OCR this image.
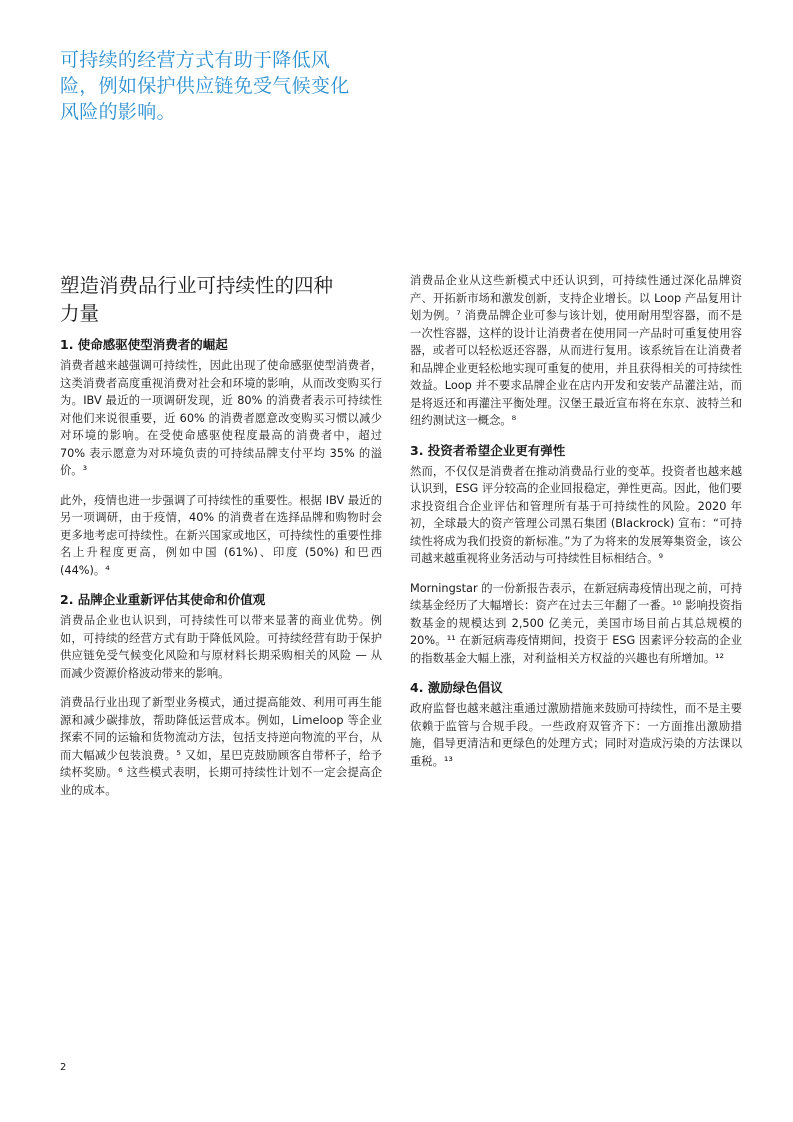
可持续的经营方式有助于降低风

险，例如保护供应链免受气候变化

风险的影响。

塑造消费品行业可持续性的四种
力量
1. 使命感驱使型消费者的崛起

消费者越来越强调可持续性，因此出现了使命感驱使型消费者，这类消费者高度重视消费对社会和环境的影响，从而改变购买行为。IBV 最近的一项调研发现，近 80% 的消费者表示可持续性对他们来说很重要，近 60% 的消费者愿意改变购买习惯以减少对环境的影响。在受使命感驱使程度最高的消费者中，超过 70% 表示愿意为对环境负责的可持续品牌支付平均 35% 的溢价。³

此外，疫情也进一步强调了可持续性的重要性。根据 IBV 最近的另一项调研，由于疫情，40% 的消费者在选择品牌和购物时会更多地考虑可持续性。在新兴国家或地区，可持续性的重要性排名上升程度更高，例如中国 (61%)、印度 (50%) 和巴西 (44%)。⁴

2. 品牌企业重新评估其使命和价值观

消费品企业也认识到，可持续性可以带来显著的商业优势。例如，可持续的经营方式有助于降低风险。可持续经营有助于保护供应链免受气候变化风险和与原材料长期采购相关的风险 — 从而减少资源价格波动带来的影响。

消费品行业出现了新型业务模式，通过提高能效、利用可再生能源和减少碳排放，帮助降低运营成本。例如，Limeloop 等企业探索不同的运输和货物流动方法，包括支持逆向物流的平台，从而大幅减少包装浪费。⁵ 又如，星巴克鼓励顾客自带杯子，给予续杯奖励。⁶ 这些模式表明，长期可持续性计划不一定会提高企业的成本。

消费品企业从这些新模式中还认识到，可持续性通过深化品牌资产、开拓新市场和激发创新，支持企业增长。以 Loop 产品复用计划为例。⁷ 消费品牌企业可参与该计划，使用耐用型容器，而不是一次性容器，这样的设计让消费者在使用同一产品时可重复使用容器，或者可以轻松返还容器，从而进行复用。该系统旨在让消费者和品牌企业更轻松地实现可重复的使用，并且获得相关的可持续性效益。Loop 并不要求品牌企业在店内开发和安装产品灌注站，而是将返还和再灌注平衡处理。汉堡王最近宣布将在东京、波特兰和纽约测试这一概念。⁸

3. 投资者希望企业更有弹性

然而，不仅仅是消费者在推动消费品行业的变革。投资者也越来越认识到，ESG 评分较高的企业回报稳定，弹性更高。因此，他们要求投资组合企业评估和管理所有基于可持续性的风险。2020 年初，全球最大的资产管理公司黑石集团 (Blackrock) 宣布：“可持续性将成为我们投资的新标准。”为了为将来的发展筹集资金，该公司越来越重视将业务活动与可持续性目标相结合。⁹

Morningstar 的一份新报告表示，在新冠病毒疫情出现之前，可持续基金经历了大幅增长：资产在过去三年翻了一番。¹⁰ 影响投资指数基金的规模达到 2,500 亿美元，美国市场目前占其总规模的 20%。¹¹ 在新冠病毒疫情期间，投资于 ESG 因素评分较高的企业的指数基金大幅上涨，对利益相关方权益的兴趣也有所增加。¹²

4. 激励绿色倡议

政府监督也越来越注重通过激励措施来鼓励可持续性，而不是主要依赖于监管与合规手段。一些政府双管齐下：一方面推出激励措施，倡导更清洁和更绿色的处理方式；同时对造成污染的方法课以重税。¹³

2
